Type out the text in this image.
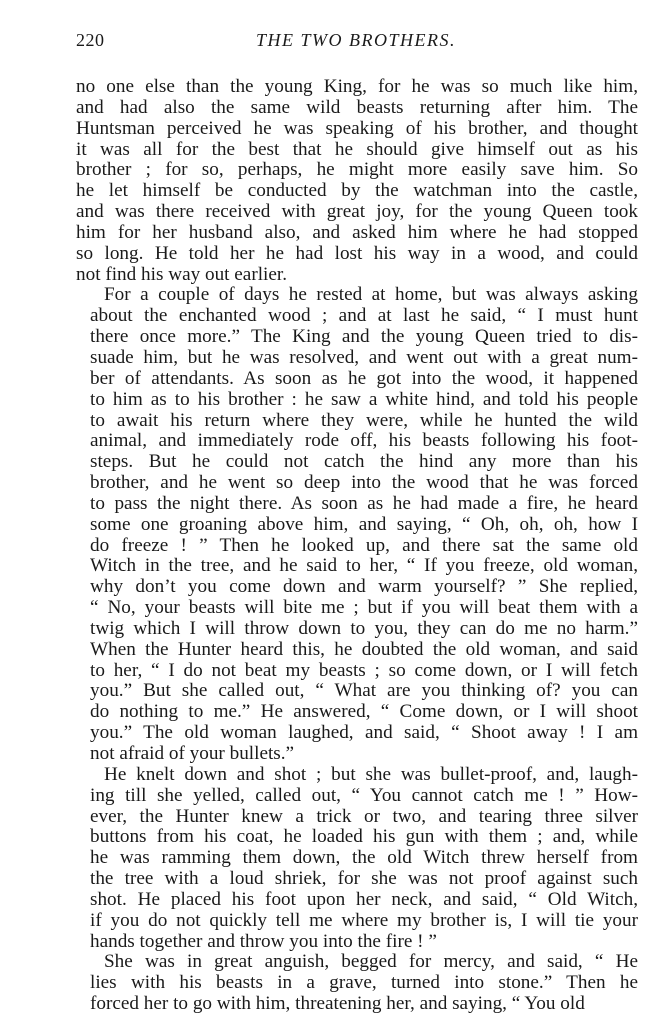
220	THE TWO BROTHERS.
no one else than the young King, for he was so much like him,
and had also the same wild beasts returning after him. The
Huntsman perceived he was speaking of his brother, and thought
it was all for the best that he should give himself out as his
brother ; for so, perhaps, he might more easily save him. So
he let himself be conducted by the watchman into the castle,
and was there received with great joy, for the young Queen took
him for her husband also, and asked him where he had stopped
so long. He told her he had lost his way in a wood, and could
not find his way out earlier.
For a couple of days he rested at home, but was always asking
about the enchanted wood ; and at last he said, “ I must hunt
there once more.” The King and the young Queen tried to dis-
suade him, but he was resolved, and went out with a great num-
ber of attendants. As soon as he got into the wood, it happened
to him as to his brother : he saw a white hind, and told his people
to await his return where they were, while he hunted the wild
animal, and immediately rode off, his beasts following his foot-
steps. But he could not catch the hind any more than his
brother, and he went so deep into the wood that he was forced
to pass the night there. As soon as he had made a fire, he heard
some one groaning above him, and saying, “ Oh, oh, oh, how I
do freeze ! ” Then he looked up, and there sat the same old
Witch in the tree, and he said to her, “ If you freeze, old woman,
why don’t you come down and warm yourself? ” She replied,
“ No, your beasts will bite me ; but if you will beat them with a
twig which I will throw down to you, they can do me no harm.”
When the Hunter heard this, he doubted the old woman, and said
to her, “ I do not beat my beasts ; so come down, or I will fetch
you.” But she called out, “ What are you thinking of? you can
do nothing to me.” He answered, “ Come down, or I will shoot
you.” The old woman laughed, and said, “ Shoot away ! I am
not afraid of your bullets.”
He knelt down and shot ; but she was bullet-proof, and, laugh-
ing till she yelled, called out, “ You cannot catch me ! ” How-
ever, the Hunter knew a trick or two, and tearing three silver
buttons from his coat, he loaded his gun with them ; and, while
he was ramming them down, the old Witch threw herself from
the tree with a loud shriek, for she was not proof against such
shot. He placed his foot upon her neck, and said, “ Old Witch,
if you do not quickly tell me where my brother is, I will tie your
hands together and throw you into the fire ! ”
She was in great anguish, begged for mercy, and said, “ He
lies with his beasts in a grave, turned into stone.” Then he
forced her to go with him, threatening her, and saying, “ You old
